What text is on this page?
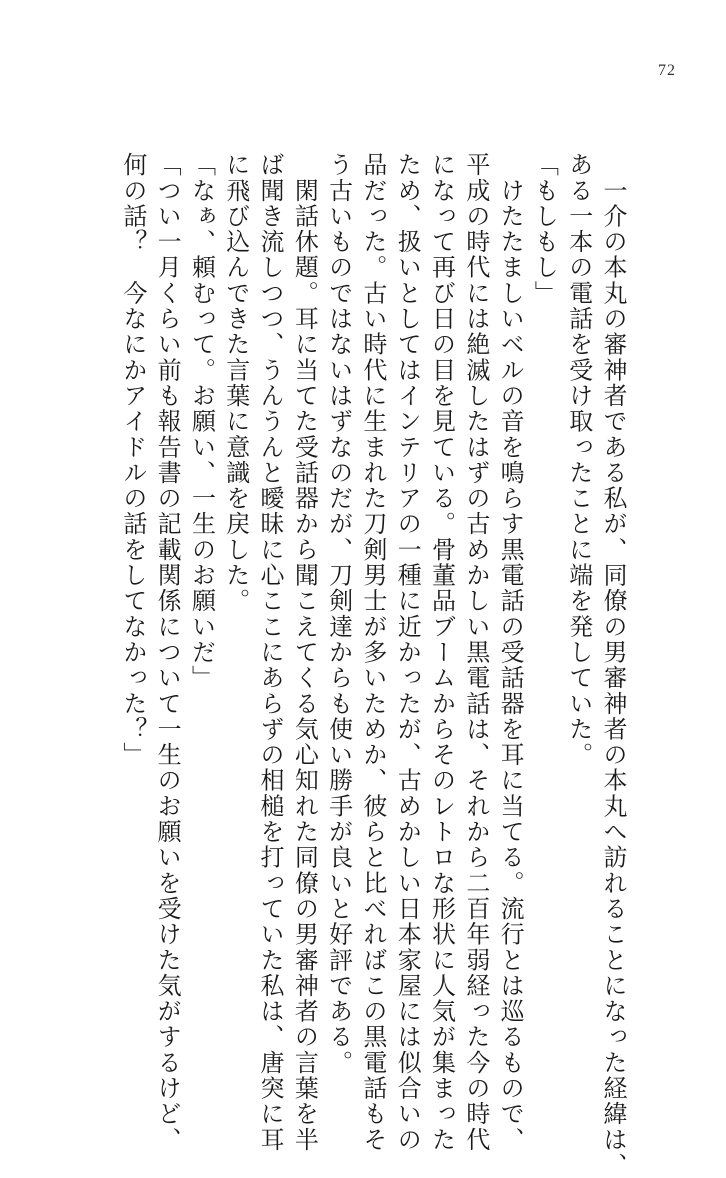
72
　一介の本丸の審神者である私が、同僚の男審神者の本丸へ訪れることになった経緯は、
ある一本の電話を受け取ったことに端を発していた。
「もしもし」
　けたたましいベルの音を鳴らす黒電話の受話器を耳に当てる。流行とは巡るもので、
平成の時代には絶滅したはずの古めかしい黒電話は、それから二百年弱経った今の時代
になって再び日の目を見ている。骨董品ブームからそのレトロな形状に人気が集まった
ため、扱いとしてはインテリアの一種に近かったが、古めかしい日本家屋には似合いの
品だった。古い時代に生まれた刀剣男士が多いためか、彼らと比べればこの黒電話もそ
う古いものではないはずなのだが、刀剣達からも使い勝手が良いと好評である。
　閑話休題。耳に当てた受話器から聞こえてくる気心知れた同僚の男審神者の言葉を半
ば聞き流しつつ、うんうんと曖昧に心ここにあらずの相槌を打っていた私は、唐突に耳
に飛び込んできた言葉に意識を戻した。
「なぁ、頼むって。お願い、一生のお願いだ」
「つい一月くらい前も報告書の記載関係について一生のお願いを受けた気がするけど、
何の話？　今なにかアイドルの話をしてなかった？」
